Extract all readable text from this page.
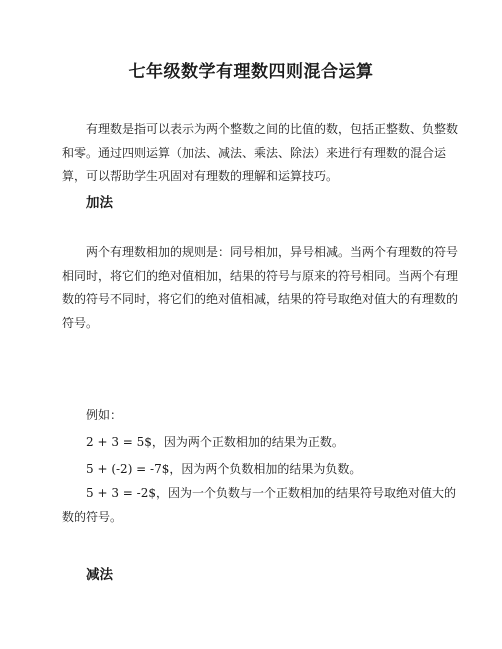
七年级数学有理数四则混合运算

有理数是指可以表示为两个整数之间的比值的数，包括正整数、负整数和零。通过四则运算（加法、减法、乘法、除法）来进行有理数的混合运算，可以帮助学生巩固对有理数的理解和运算技巧。

加法

两个有理数相加的规则是：同号相加，异号相减。当两个有理数的符号相同时，将它们的绝对值相加，结果的符号与原来的符号相同。当两个有理数的符号不同时，将它们的绝对值相减，结果的符号取绝对值大的有理数的符号。

例如：
2 + 3 = 5$，因为两个正数相加的结果为正数。
5 + (-2) = -7$，因为两个负数相加的结果为负数。

5 + 3 = -2$，因为一个负数与一个正数相加的结果符号取绝对值大的数的符号。

减法
